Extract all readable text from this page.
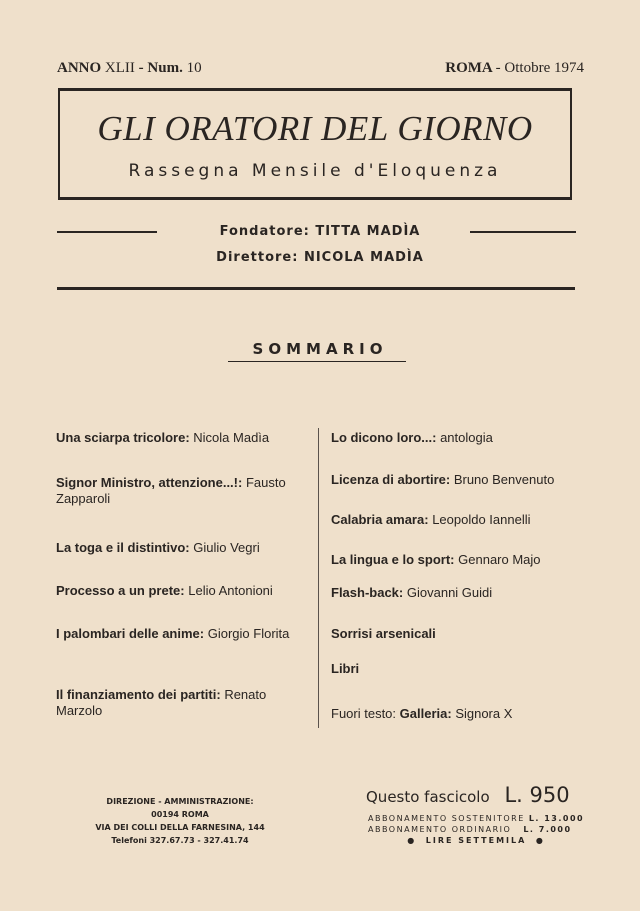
ANNO XLII - Num. 10	ROMA - Ottobre 1974
GLI ORATORI DEL GIORNO
Rassegna Mensile d'Eloquenza
Fondatore: TITTA MADÌA
Direttore: NICOLA MADÌA
SOMMARIO
Una sciarpa tricolore: Nicola Madìa
Signor Ministro, attenzione...!: Fausto Zapparoli
La toga e il distintivo: Giulio Vegri
Processo a un prete: Lelio Antonioni
I palombari delle anime: Giorgio Florita
Il finanziamento dei partiti: Renato Marzolo
Lo dicono loro...: antologia
Licenza di abortire: Bruno Benvenuto
Calabria amara: Leopoldo Iannelli
La lingua e lo sport: Gennaro Majo
Flash-back: Giovanni Guidi
Sorrisi arsenicali
Libri
Fuori testo: Galleria: Signora X
DIREZIONE - AMMINISTRAZIONE:
00194 ROMA
VIA DEI COLLI DELLA FARNESINA, 144
Telefoni 327.67.73 - 327.41.74
Questo fascicolo L. 950
ABBONAMENTO SOSTENITORE L. 13.000
ABBONAMENTO ORDINARIO L. 7.000
●  LIRE SETTEMILA  ●
